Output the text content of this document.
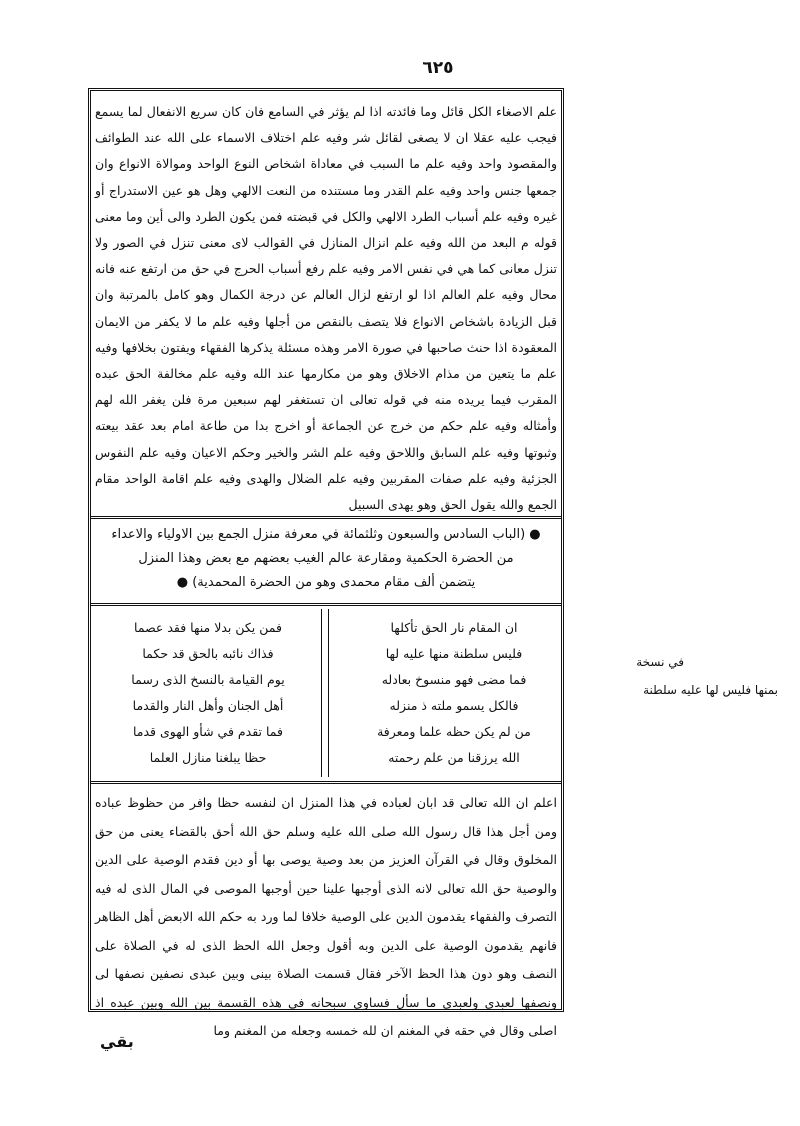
٦٢٥

علم الاصغاء الكل قائل وما فائدته اذا لم يؤثر في السامع فان كان سريع الانفعال لما يسمع فيجب عليه عقلا ان لا يصغى لقائل شر وفيه علم اختلاف الاسماء على الله عند الطوائف والمقصود واحد وفيه علم ما السبب في معاداة اشخاص النوع الواحد وموالاة الانواع وان جمعها جنس واحد وفيه علم القدر وما مستنده من النعت الالهي وهل هو عين الاستدراج أو غيره وفيه علم أسباب الطرد الالهي والكل في قبضته فمن يكون الطرد والى أين وما معنى قوله م البعد من الله وفيه علم انزال المنازل في القوالب لاى معنى تنزل في الصور ولا تنزل معانى كما هي في نفس الامر وفيه علم رفع أسباب الحرج في حق من ارتفع عنه فانه محال وفيه علم العالم اذا لو ارتفع لزال العالم عن درجة الكمال وهو كامل بالمرتبة وان قبل الزيادة باشخاص الانواع فلا يتصف بالنقص من أجلها وفيه علم ما لا يكفر من الايمان المعقودة اذا حنث صاحبها في صورة الامر وهذه مسئلة يذكرها الفقهاء ويفتون بخلافها وفيه علم ما يتعين من مذام الاخلاق وهو من مكارمها عند الله وفيه علم مخالفة الحق عبده المقرب فيما يريده منه في قوله تعالى ان تستغفر لهم سبعين مرة فلن يغفر الله لهم وأمثاله وفيه علم حكم من خرج عن الجماعة أو اخرج بدا من طاعة امام بعد عقد بيعته وثبوتها وفيه علم السابق واللاحق وفيه علم الشر والخير وحكم الاعيان وفيه علم النفوس الجزئية وفيه علم صفات المقربين وفيه علم الضلال والهدى وفيه علم اقامة الواحد مقام الجمع والله يقول الحق وهو يهدى السبيل

● (الباب السادس والسبعون وثلثمائة في معرفة منزل الجمع بين الاولياء والاعداء
من الحضرة الحكمية ومقارعة عالم الغيب بعضهم مع بعض وهذا المنزل
يتضمن ألف مقام محمدى وهو من الحضرة المحمدية) ●
ان المقام نار الحق تأكلها
فليس سلطنة منها عليه لها
فما مضى فهو منسوخ بعادله
فالكل يسمو ملته ذ منزله
من لم يكن حظه علما ومعرفة
الله يرزقنا من علم رحمته
فمن يكن بدلا منها فقد عصما
فذاك نائبه بالحق قد حكما
يوم القيامة بالنسخ الذى رسما
أهل الجنان وأهل النار والقدما
فما تقدم في شأو الهوى قدما
حظا يبلغنا منازل العلما

اعلم ان الله تعالى قد ابان لعباده في هذا المنزل ان لنفسه حظا وافر من حظوظ عباده ومن أجل هذا قال رسول الله صلى الله عليه وسلم حق الله أحق بالقضاء يعنى من حق المخلوق وقال في القرآن العزيز من بعد وصية يوصى بها أو دين فقدم الوصية على الدين والوصية حق الله تعالى لانه الذى أوجبها علينا حين أوجبها الموصى في المال الذى له فيه التصرف والفقهاء يقدمون الدين على الوصية خلافا لما ورد به حكم الله الابعض أهل الظاهر فانهم يقدمون الوصية على الدين وبه أقول وجعل الله الحظ الذى له في الصلاة على النصف وهو دون هذا الحظ الآخر فقال قسمت الصلاة بينى وبين عبدى نصفين نصفها لى ونصفها لعبدى ولعبدى ما سأل فساوى سبحانه في هذه القسمة بين الله وبين عبده اذ اصلى وقال في حقه في المغنم ان لله خمسه وجعله من المغنم وما

في نسخة
بمنها فليس لها عليه سلطنة
بقي
